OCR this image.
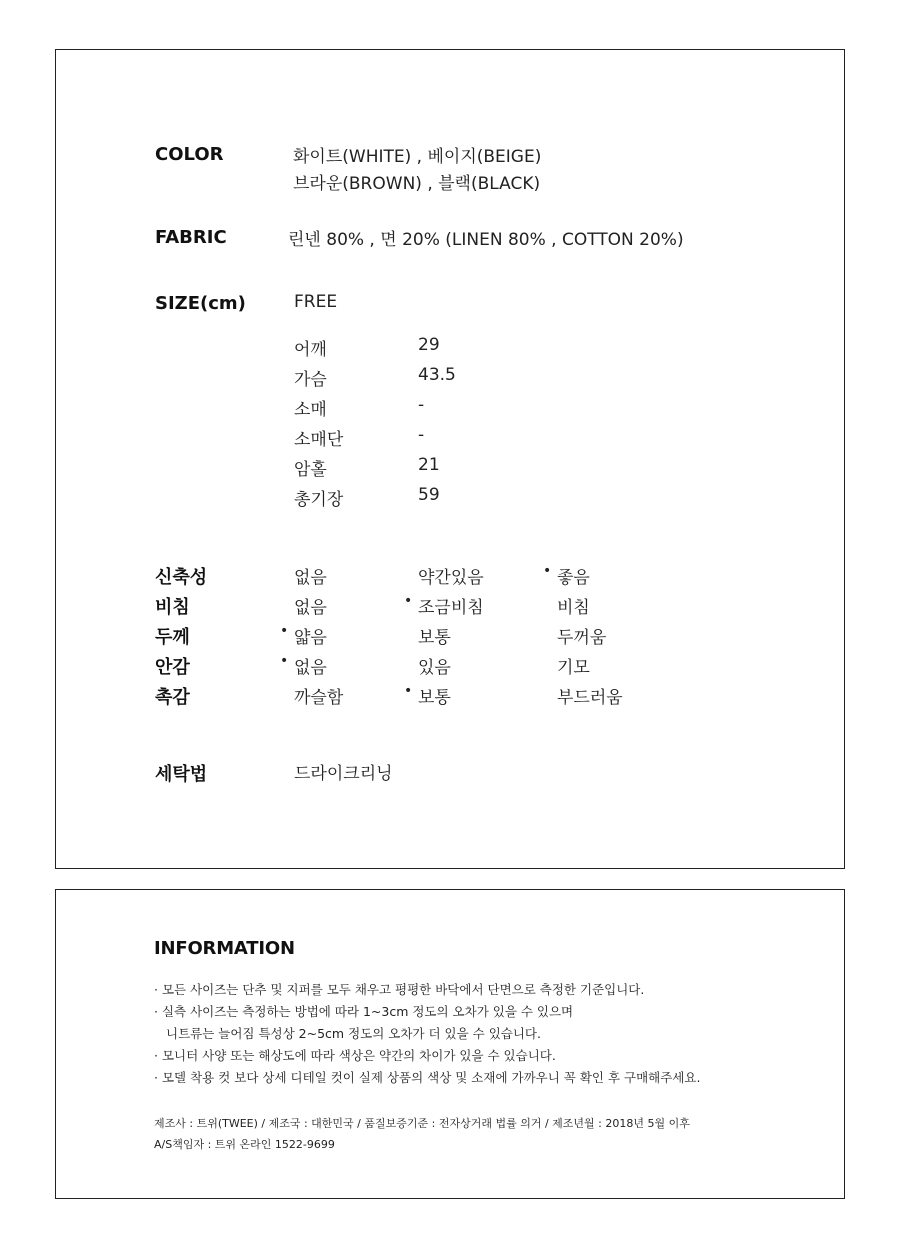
COLOR	화이트(WHITE) , 베이지(BEIGE)
브라운(BROWN) , 블랙(BLACK)
FABRIC	린넨 80% , 면 20% (LINEN 80% , COTTON 20%)
SIZE(cm)	FREE
어깨	29
가슴	43.5
소매	-
소매단	-
암홀	21
총기장	59
신축성	없음	약간있음	• 좋음
비침	없음	• 조금비침	비침
두께	• 얇음	보통	두꺼움
안감	• 없음	있음	기모
촉감	까슬함	• 보통	부드러움
세탁법	드라이크리닝
INFORMATION
· 모든 사이즈는 단추 및 지퍼를 모두 채우고 평평한 바닥에서 단면으로 측정한 기준입니다.
· 실측 사이즈는 측정하는 방법에 따라 1~3cm 정도의 오차가 있을 수 있으며
니트류는 늘어짐 특성상 2~5cm 정도의 오차가 더 있을 수 있습니다.
· 모니터 사양 또는 해상도에 따라 색상은 약간의 차이가 있을 수 있습니다.
· 모델 착용 컷 보다 상세 디테일 컷이 실제 상품의 색상 및 소재에 가까우니 꼭 확인 후 구매해주세요.
제조사 : 트위(TWEE) / 제조국 : 대한민국 / 품질보증기준 : 전자상거래 법률 의거 / 제조년월 : 2018년 5월 이후
A/S책임자 : 트위 온라인 1522-9699
